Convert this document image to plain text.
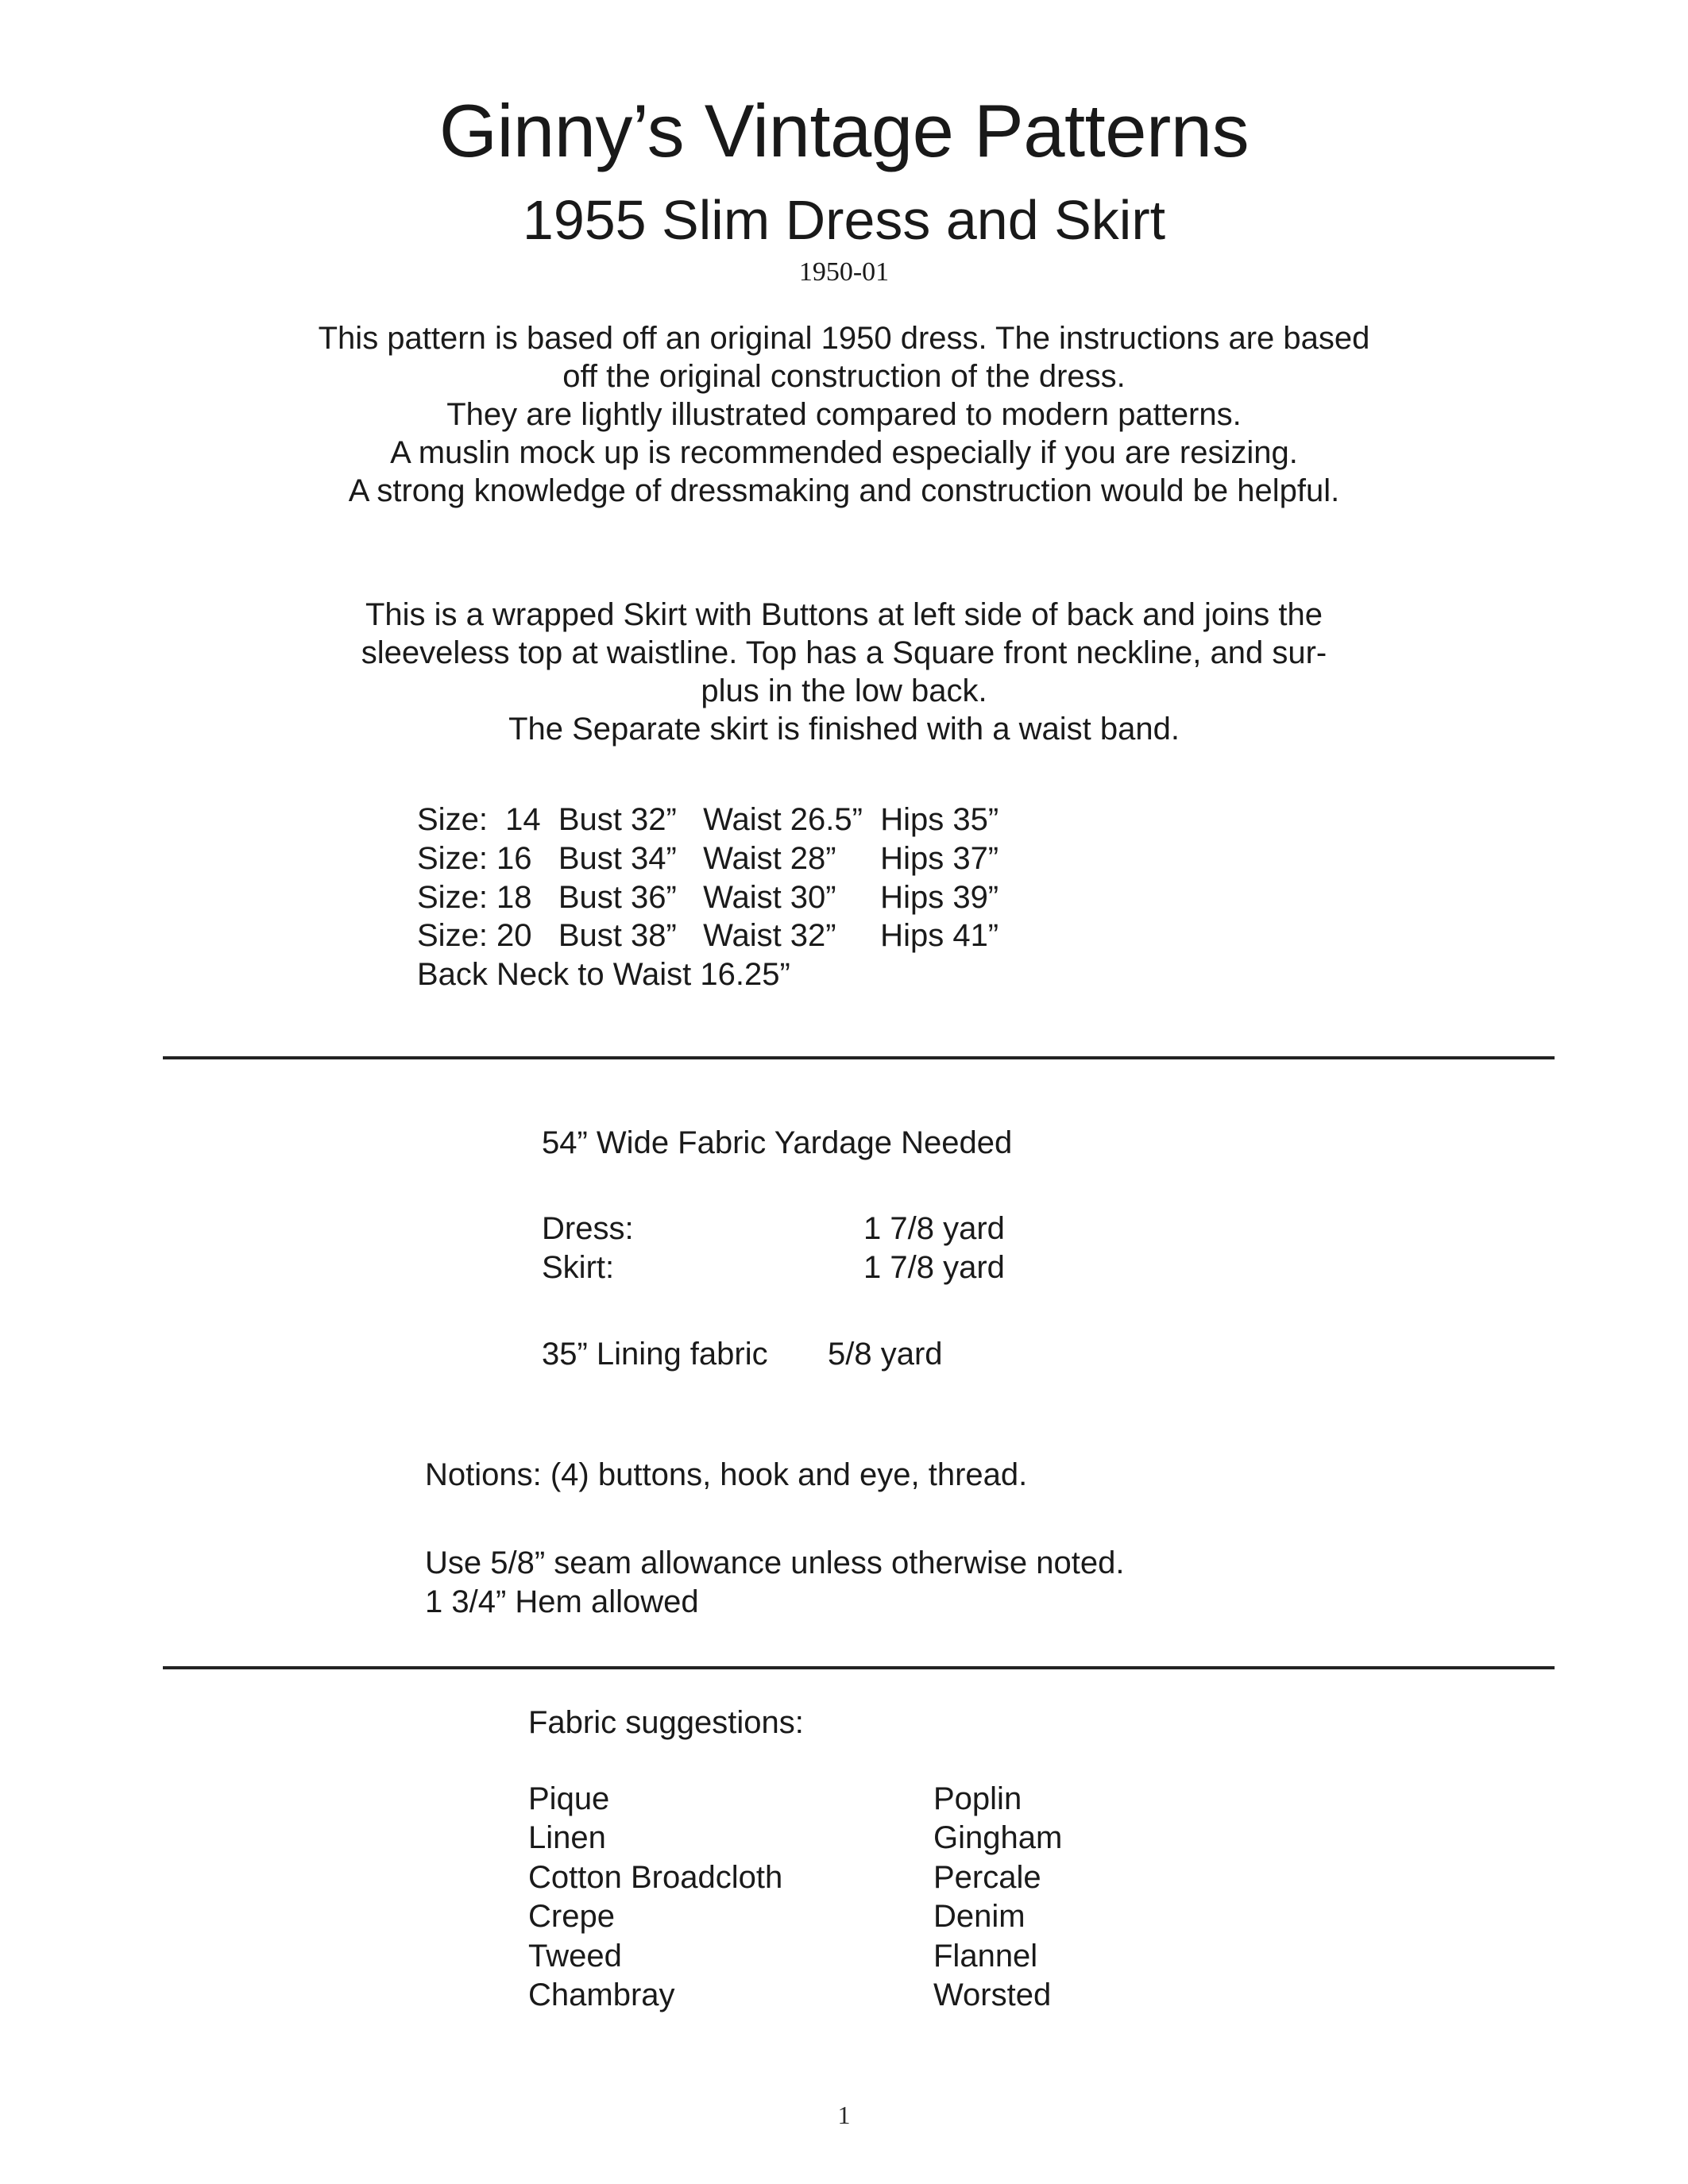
Ginny’s Vintage Patterns
1955 Slim Dress and Skirt
1950-01
This pattern is based off an original 1950 dress. The instructions are based
off the original construction of the dress.
They are lightly illustrated compared to modern patterns.
A muslin mock up is recommended especially if you are resizing.
A strong knowledge of dressmaking and construction would be helpful.
This is a wrapped Skirt with Buttons at left side of back and joins the
sleeveless top at waistline. Top has a Square front neckline, and sur-
plus in the low back.
The Separate skirt is finished with a waist band.
Size:  14  Bust 32”   Waist 26.5”  Hips 35”
Size: 16   Bust 34”   Waist 28”     Hips 37”
Size: 18   Bust 36”   Waist 30”     Hips 39”
Size: 20   Bust 38”   Waist 32”     Hips 41”
Back Neck to Waist 16.25”
54” Wide Fabric Yardage Needed
Dress:	1 7/8 yard
Skirt:	1 7/8 yard
35” Lining fabric 5/8 yard
Notions: (4) buttons, hook and eye, thread.
Use 5/8” seam allowance unless otherwise noted.
1 3/4” Hem allowed
Fabric suggestions:
Pique	Poplin
Linen	Gingham
Cotton Broadcloth	Percale
Crepe	Denim
Tweed	Flannel
Chambray	Worsted
1
